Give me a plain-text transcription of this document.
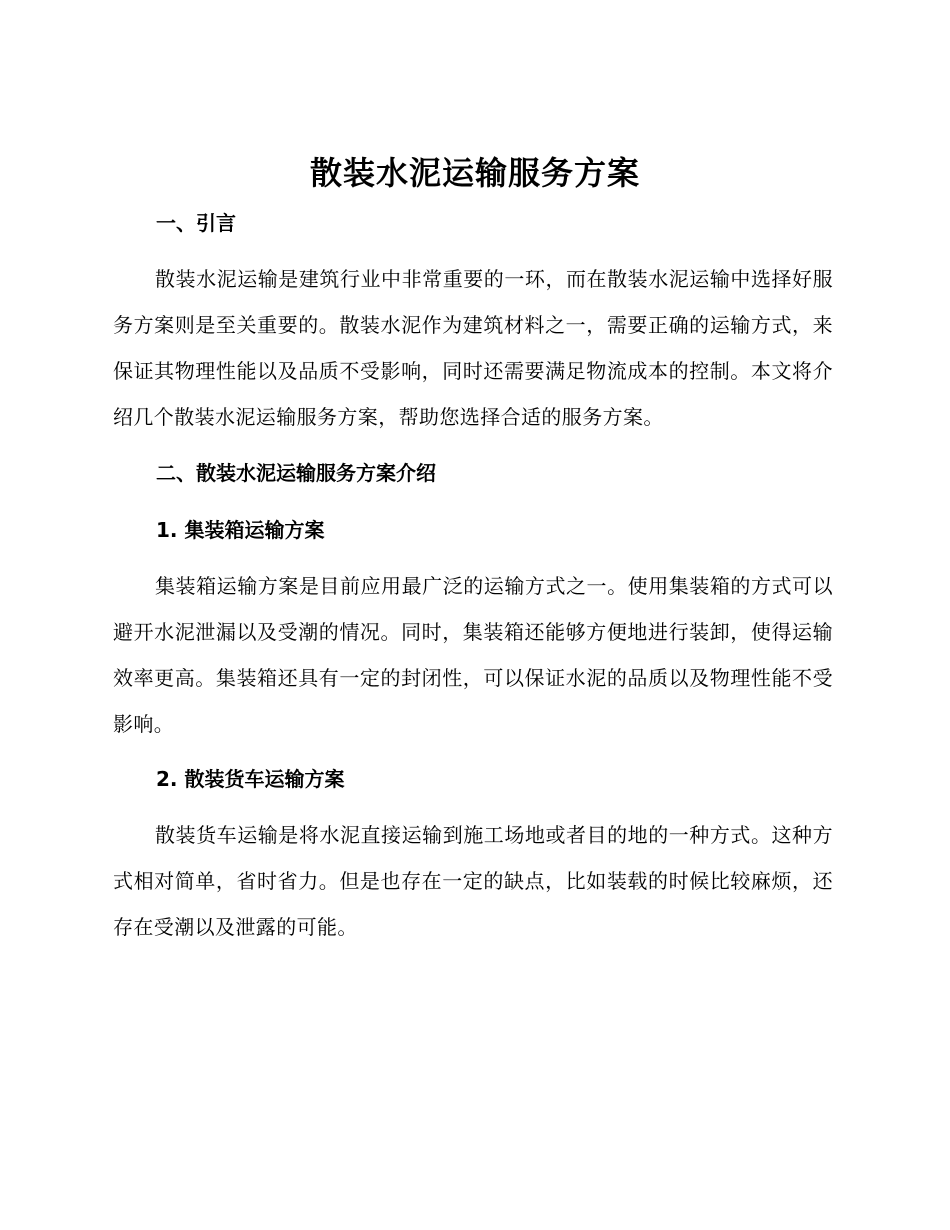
散装水泥运输服务方案
一、引言

散装水泥运输是建筑行业中非常重要的一环，而在散装水泥运输中选择好服务方案则是至关重要的。散装水泥作为建筑材料之一，需要正确的运输方式，来保证其物理性能以及品质不受影响，同时还需要满足物流成本的控制。本文将介绍几个散装水泥运输服务方案，帮助您选择合适的服务方案。

二、散装水泥运输服务方案介绍
1. 集装箱运输方案

集装箱运输方案是目前应用最广泛的运输方式之一。使用集装箱的方式可以避开水泥泄漏以及受潮的情况。同时，集装箱还能够方便地进行装卸，使得运输效率更高。集装箱还具有一定的封闭性，可以保证水泥的品质以及物理性能不受影响。

2. 散装货车运输方案

散装货车运输是将水泥直接运输到施工场地或者目的地的一种方式。这种方式相对简单，省时省力。但是也存在一定的缺点，比如装载的时候比较麻烦，还存在受潮以及泄露的可能。
